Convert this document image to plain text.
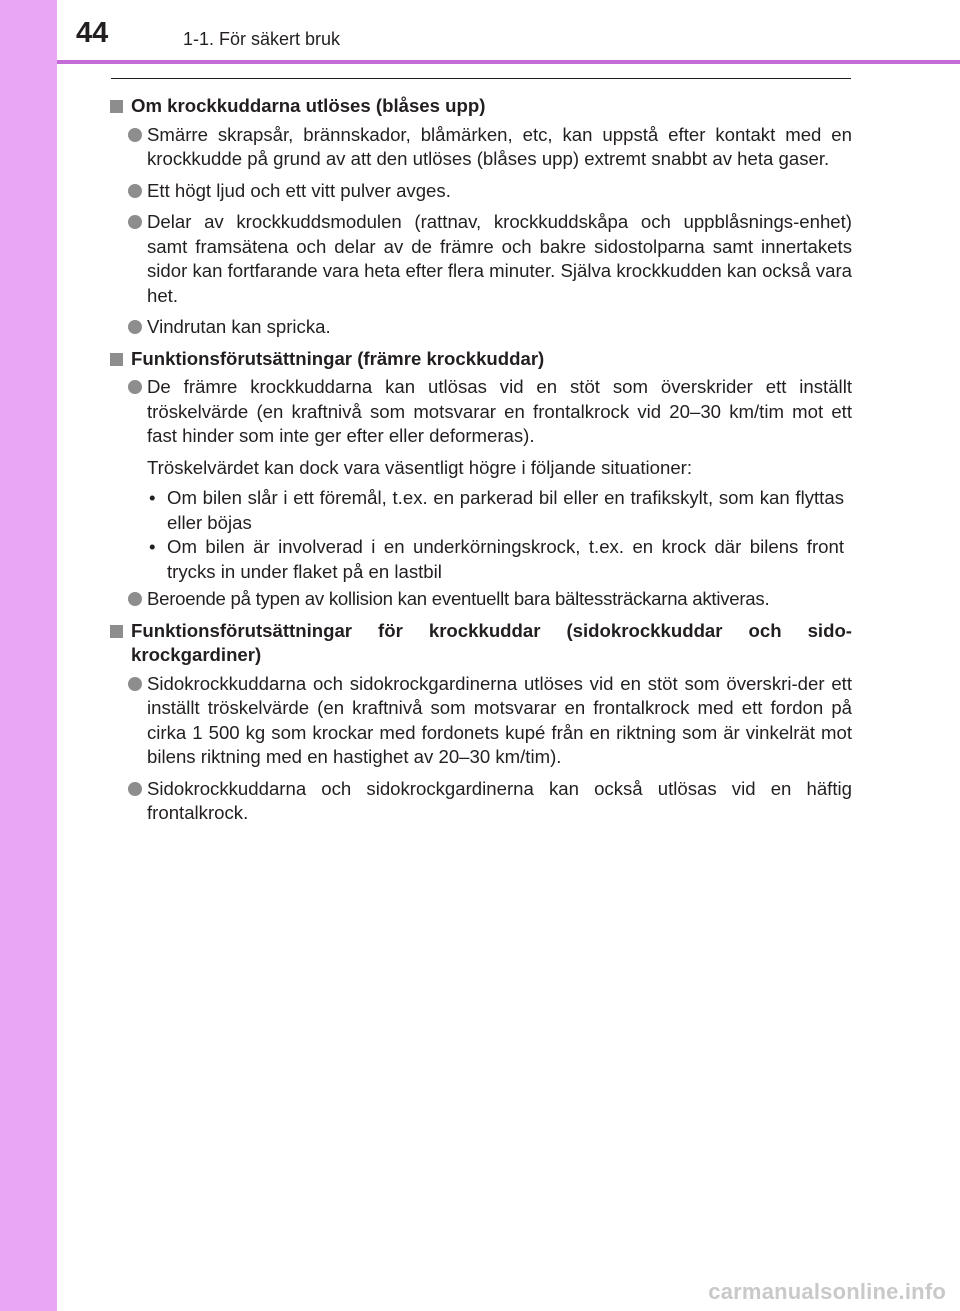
44	1-1. För säkert bruk
Om krockkuddarna utlöses (blåses upp)
Smärre skrapsår, brännskador, blåmärken, etc, kan uppstå efter kontakt med en krockkudde på grund av att den utlöses (blåses upp) extremt snabbt av heta gaser.
Ett högt ljud och ett vitt pulver avges.
Delar av krockkuddsmodulen (rattnav, krockkuddskåpa och uppblåsnings-enhet) samt framsätena och delar av de främre och bakre sidostolparna samt innertakets sidor kan fortfarande vara heta efter flera minuter. Själva krockkudden kan också vara het.
Vindrutan kan spricka.
Funktionsförutsättningar (främre krockkuddar)
De främre krockkuddarna kan utlösas vid en stöt som överskrider ett inställt tröskelvärde (en kraftnivå som motsvarar en frontalkrock vid 20–30 km/tim mot ett fast hinder som inte ger efter eller deformeras).
Tröskelvärdet kan dock vara väsentligt högre i följande situationer:
• Om bilen slår i ett föremål, t.ex. en parkerad bil eller en trafikskylt, som kan flyttas eller böjas
• Om bilen är involverad i en underkörningskrock, t.ex. en krock där bilens front trycks in under flaket på en lastbil
Beroende på typen av kollision kan eventuellt bara bältessträckarna aktiveras.
Funktionsförutsättningar för krockkuddar (sidokrockkuddar och sido-krockgardiner)
Sidokrockkuddarna och sidokrockgardinerna utlöses vid en stöt som överskri-der ett inställt tröskelvärde (en kraftnivå som motsvarar en frontalkrock med ett fordon på cirka 1 500 kg som krockar med fordonets kupé från en riktning som är vinkelrät mot bilens riktning med en hastighet av 20–30 km/tim).
Sidokrockkuddarna och sidokrockgardinerna kan också utlösas vid en häftig frontalkrock.
carmanualsonline.info
